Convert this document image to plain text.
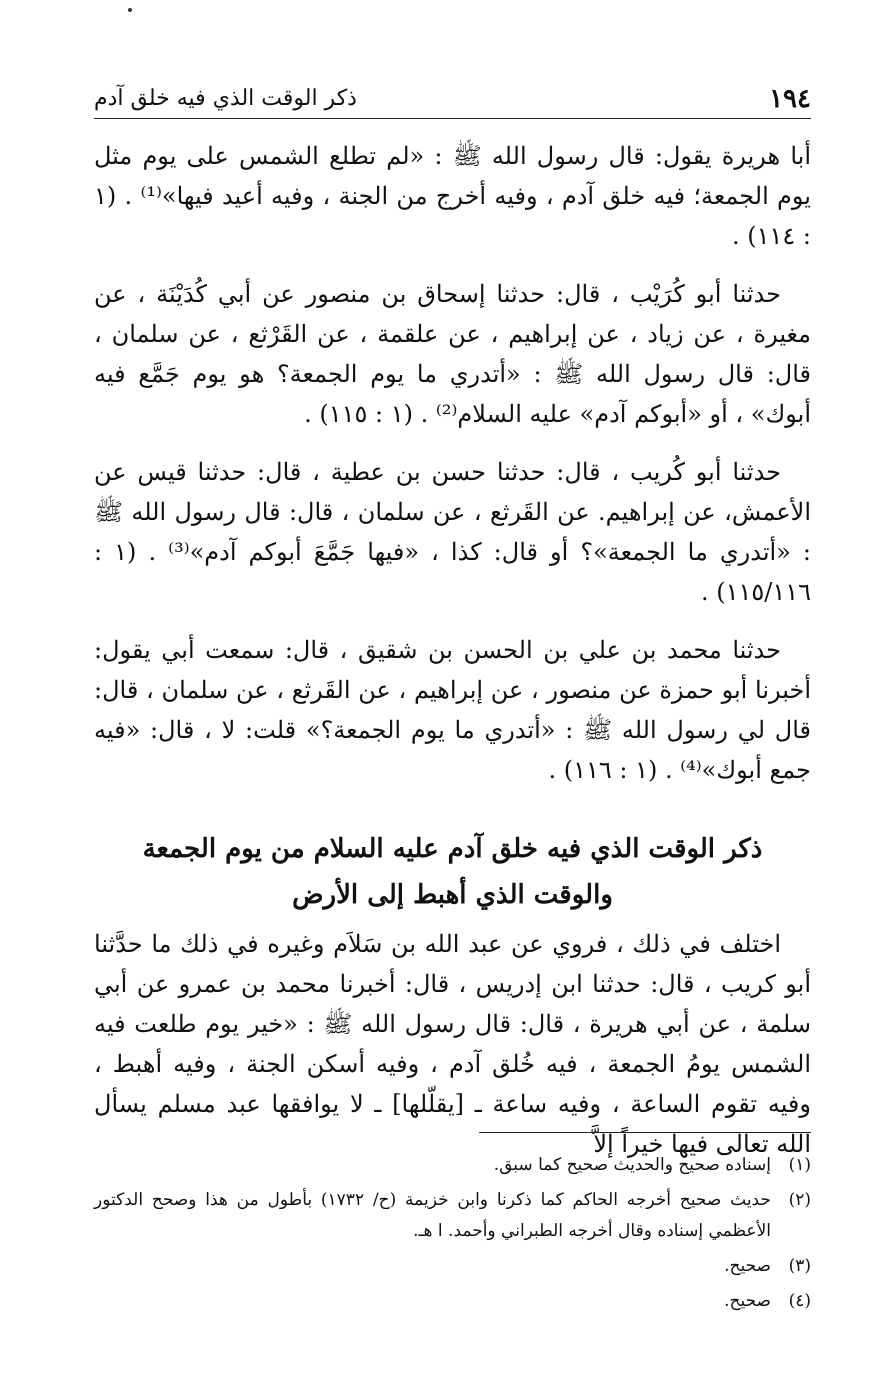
١٩٤
ذكر الوقت الذي فيه خلق آدم

أبا هريرة يقول: قال رسول الله ﷺ : «لم تطلع الشمس على يوم مثل يوم الجمعة؛ فيه خلق آدم ، وفيه أخرج من الجنة ، وفيه أعيد فيها»⁽¹⁾ . (١ : ١١٤) .

حدثنا أبو كُرَيْب ، قال: حدثنا إسحاق بن منصور عن أبي كُدَيْنَة ، عن مغيرة ، عن زياد ، عن إبراهيم ، عن علقمة ، عن القَرْثع ، عن سلمان ، قال: قال رسول الله ﷺ : «أتدري ما يوم الجمعة؟ هو يوم جَمَّع فيه أبوك» ، أو «أبوكم آدم» عليه السلام⁽²⁾ . (١ : ١١٥) .

حدثنا أبو كُريب ، قال: حدثنا حسن بن عطية ، قال: حدثنا قيس عن الأعمش، عن إبراهيم. عن القَرثع ، عن سلمان ، قال: قال رسول الله ﷺ : «أتدري ما الجمعة»؟ أو قال: كذا ، «فيها جَمَّعَ أبوكم آدم»⁽³⁾ . (١ : ١١٥/١١٦) .

حدثنا محمد بن علي بن الحسن بن شقيق ، قال: سمعت أبي يقول: أخبرنا أبو حمزة عن منصور ، عن إبراهيم ، عن القَرثع ، عن سلمان ، قال: قال لي رسول الله ﷺ : «أتدري ما يوم الجمعة؟» قلت: لا ، قال: «فيه جمع أبوك»⁽⁴⁾ . (١ : ١١٦) .

ذكر الوقت الذي فيه خلق آدم عليه السلام من يوم الجمعة
والوقت الذي أهبط إلى الأرض

اختلف في ذلك ، فروي عن عبد الله بن سَلاَم وغيره في ذلك ما حدَّثنا أبو كريب ، قال: حدثنا ابن إدريس ، قال: أخبرنا محمد بن عمرو عن أبي سلمة ، عن أبي هريرة ، قال: قال رسول الله ﷺ : «خير يوم طلعت فيه الشمس يومُ الجمعة ، فيه خُلق آدم ، وفيه أسكن الجنة ، وفيه أهبط ، وفيه تقوم الساعة ، وفيه ساعة ـ [يقلّلها] ـ لا يوافقها عبد مسلم يسأل الله تعالى فيها خيراً إلاَّ

(١)
إسناده صحيح والحديث صحيح كما سبق.
(٢)
حديث صحيح أخرجه الحاكم كما ذكرنا وابن خزيمة (ح/ ١٧٣٢) بأطول من هذا وصحح الدكتور الأعظمي إسناده وقال أخرجه الطبراني وأحمد. ا هـ.
(٣)
صحيح.
(٤)
صحيح.
